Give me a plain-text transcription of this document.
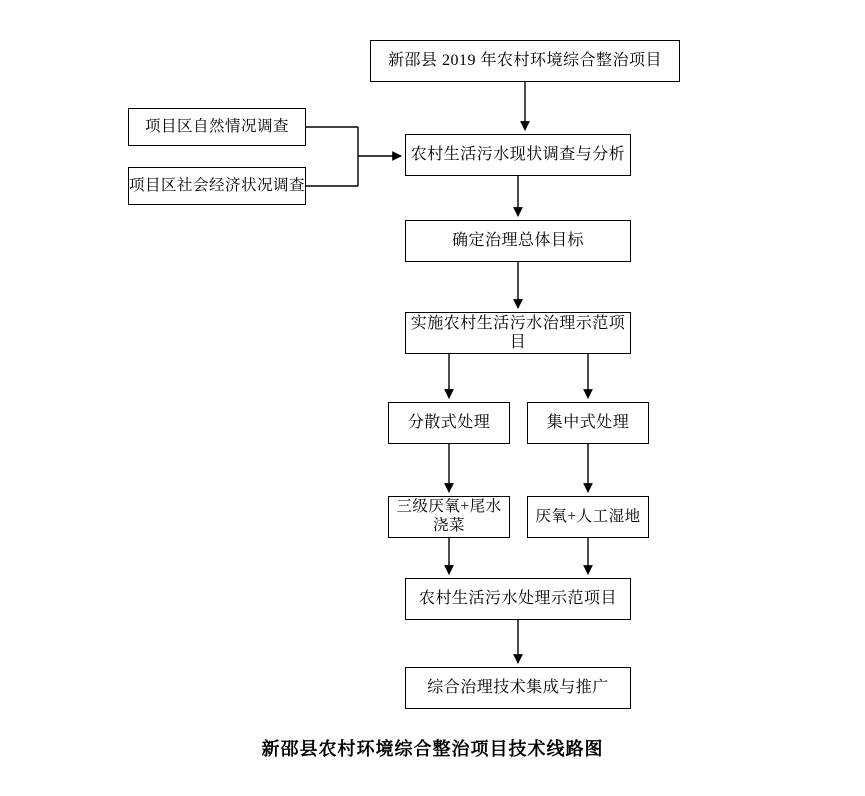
新邵县 2019 年农村环境综合整治项目
项目区自然情况调查
项目区社会经济状况调查
农村生活污水现状调查与分析
确定治理总体目标
实施农村生活污水治理示范项目
分散式处理	集中式处理
三级厌氧+尾水浇菜
厌氧+人工湿地
农村生活污水处理示范项目
综合治理技术集成与推广
新邵县农村环境综合整治项目技术线路图
